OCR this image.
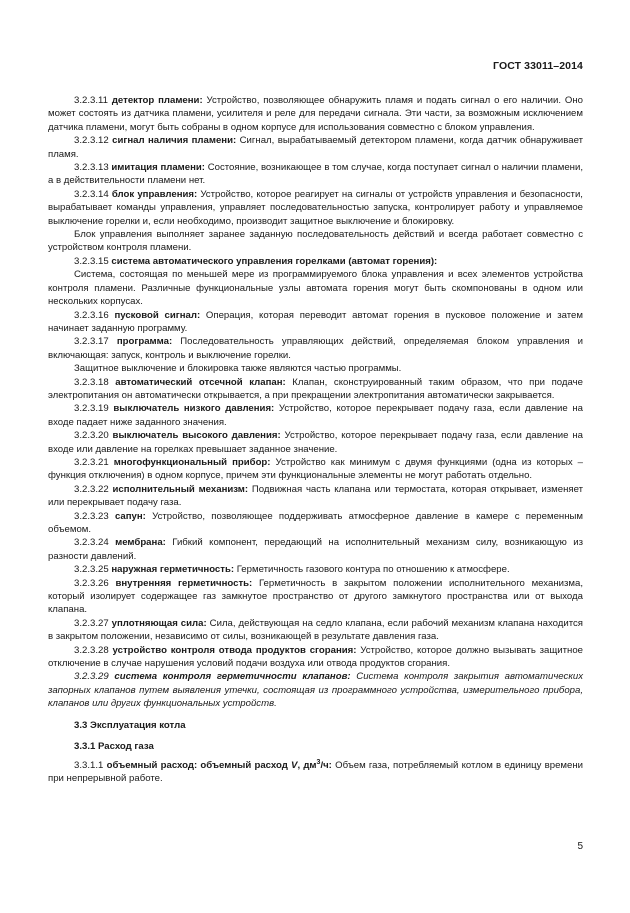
ГОСТ 33011–2014

3.2.3.11 детектор пламени: Устройство, позволяющее обнаружить пламя и подать сигнал о его наличии. Оно может состоять из датчика пламени, усилителя и реле для передачи сигнала. Эти части, за возможным исключением датчика пламени, могут быть собраны в одном корпусе для использования совместно с блоком управления.

3.2.3.12 сигнал наличия пламени: Сигнал, вырабатываемый детектором пламени, когда датчик обнаруживает пламя.

3.2.3.13 имитация пламени: Состояние, возникающее в том случае, когда поступает сигнал о наличии пламени, а в действительности пламени нет.

3.2.3.14 блок управления: Устройство, которое реагирует на сигналы от устройств управления и безопасности, вырабатывает команды управления, управляет последовательностью запуска, контролирует работу и управляемое выключение горелки и, если необходимо, производит защитное выключение и блокировку.

Блок управления выполняет заранее заданную последовательность действий и всегда работает совместно с устройством контроля пламени.

3.2.3.15 система автоматического управления горелками (автомат горения):

Система, состоящая по меньшей мере из программируемого блока управления и всех элементов устройства контроля пламени. Различные функциональные узлы автомата горения могут быть скомпонованы в одном или нескольких корпусах.

3.2.3.16 пусковой сигнал: Операция, которая переводит автомат горения в пусковое положение и затем начинает заданную программу.

3.2.3.17 программа: Последовательность управляющих действий, определяемая блоком управления и включающая: запуск, контроль и выключение горелки.

Защитное выключение и блокировка также являются частью программы.

3.2.3.18 автоматический отсечной клапан: Клапан, сконструированный таким образом, что при подаче электропитания он автоматически открывается, а при прекращении электропитания автоматически закрывается.

3.2.3.19 выключатель низкого давления: Устройство, которое перекрывает подачу газа, если давление на входе падает ниже заданного значения.

3.2.3.20 выключатель высокого давления: Устройство, которое перекрывает подачу газа, если давление на входе или давление на горелках превышает заданное значение.

3.2.3.21 многофункциональный прибор: Устройство как минимум с двумя функциями (одна из которых – функция отключения) в одном корпусе, причем эти функциональные элементы не могут работать отдельно.

3.2.3.22 исполнительный механизм: Подвижная часть клапана или термостата, которая открывает, изменяет или перекрывает подачу газа.

3.2.3.23 сапун: Устройство, позволяющее поддерживать атмосферное давление в камере с переменным объемом.

3.2.3.24 мембрана: Гибкий компонент, передающий на исполнительный механизм силу, возникающую из разности давлений.

3.2.3.25 наружная герметичность: Герметичность газового контура по отношению к атмосфере.

3.2.3.26 внутренняя герметичность: Герметичность в закрытом положении исполнительного механизма, который изолирует содержащее газ замкнутое пространство от другого замкнутого пространства или от выхода клапана.

3.2.3.27 уплотняющая сила: Сила, действующая на седло клапана, если рабочий механизм клапана находится в закрытом положении, независимо от силы, возникающей в результате давления газа.

3.2.3.28 устройство контроля отвода продуктов сгорания: Устройство, которое должно вызывать защитное отключение в случае нарушения условий подачи воздуха или отвода продуктов сгорания.

3.2.3.29 система контроля герметичности клапанов: Система контроля закрытия автоматических запорных клапанов путем выявления утечки, состоящая из программного устройства, измерительного прибора, клапанов или других функциональных устройств.

3.3 Эксплуатация котла
3.3.1 Расход газа

3.3.1.1 объемный расход: объемный расход V, $дм^3/ч$: Объем газа, потребляемый котлом в единицу времени при непрерывной работе.

5
